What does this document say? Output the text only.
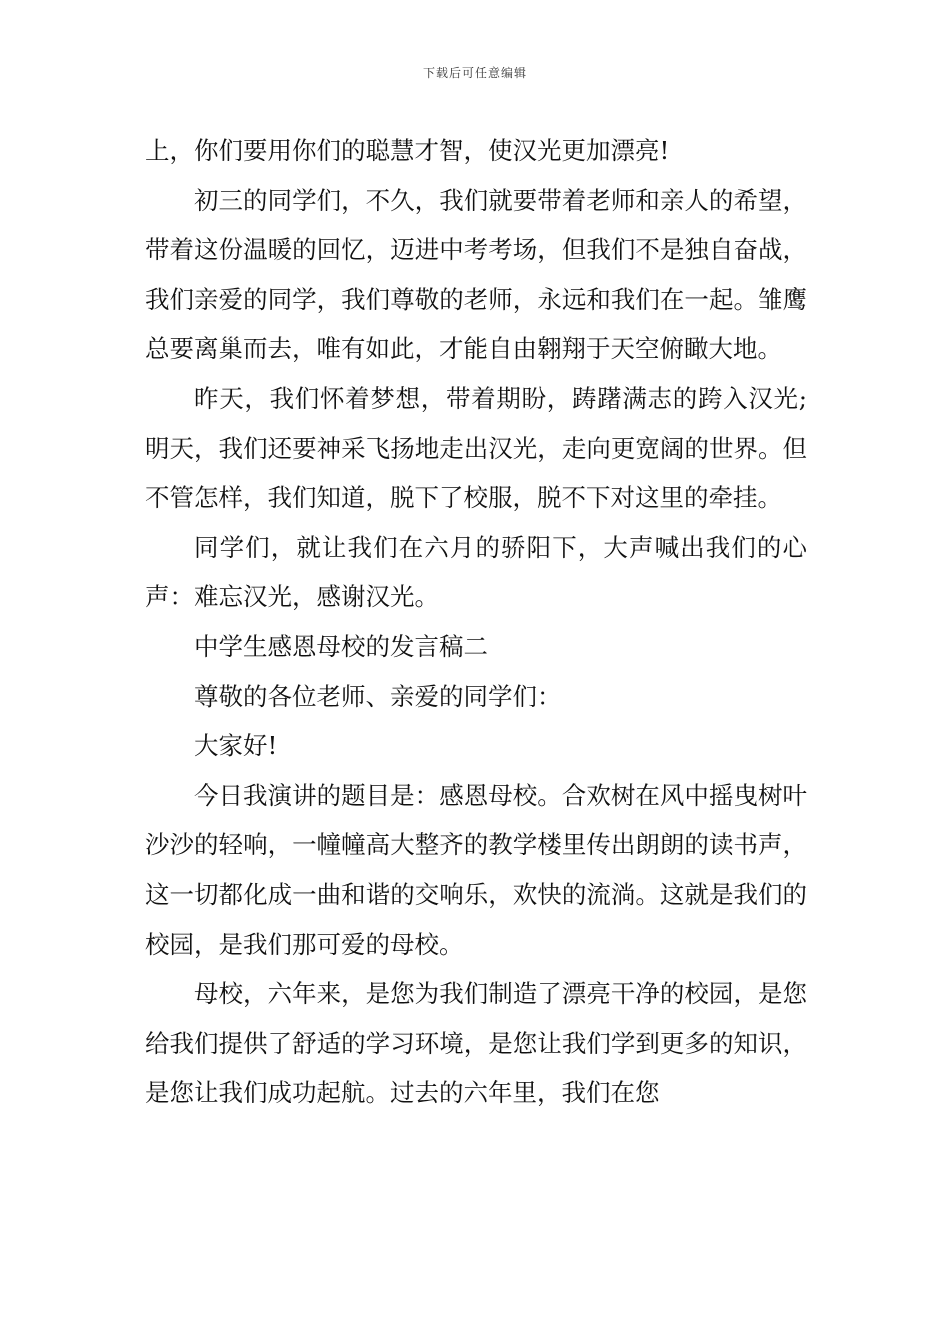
下载后可任意编辑

上，你们要用你们的聪慧才智，使汉光更加漂亮!

初三的同学们，不久，我们就要带着老师和亲人的希望，带着这份温暖的回忆，迈进中考考场，但我们不是独自奋战，我们亲爱的同学，我们尊敬的老师，永远和我们在一起。雏鹰总要离巢而去，唯有如此，才能自由翱翔于天空俯瞰大地。

昨天，我们怀着梦想，带着期盼，踌躇满志的跨入汉光;明天，我们还要神采飞扬地走出汉光，走向更宽阔的世界。但不管怎样，我们知道，脱下了校服，脱不下对这里的牵挂。

同学们，就让我们在六月的骄阳下，大声喊出我们的心声：难忘汉光，感谢汉光。

中学生感恩母校的发言稿二

尊敬的各位老师、亲爱的同学们：

大家好!

今日我演讲的题目是：感恩母校。合欢树在风中摇曳树叶沙沙的轻响，一幢幢高大整齐的教学楼里传出朗朗的读书声，这一切都化成一曲和谐的交响乐，欢快的流淌。这就是我们的校园，是我们那可爱的母校。

母校，六年来，是您为我们制造了漂亮干净的校园，是您给我们提供了舒适的学习环境，是您让我们学到更多的知识，是您让我们成功起航。过去的六年里，我们在您
